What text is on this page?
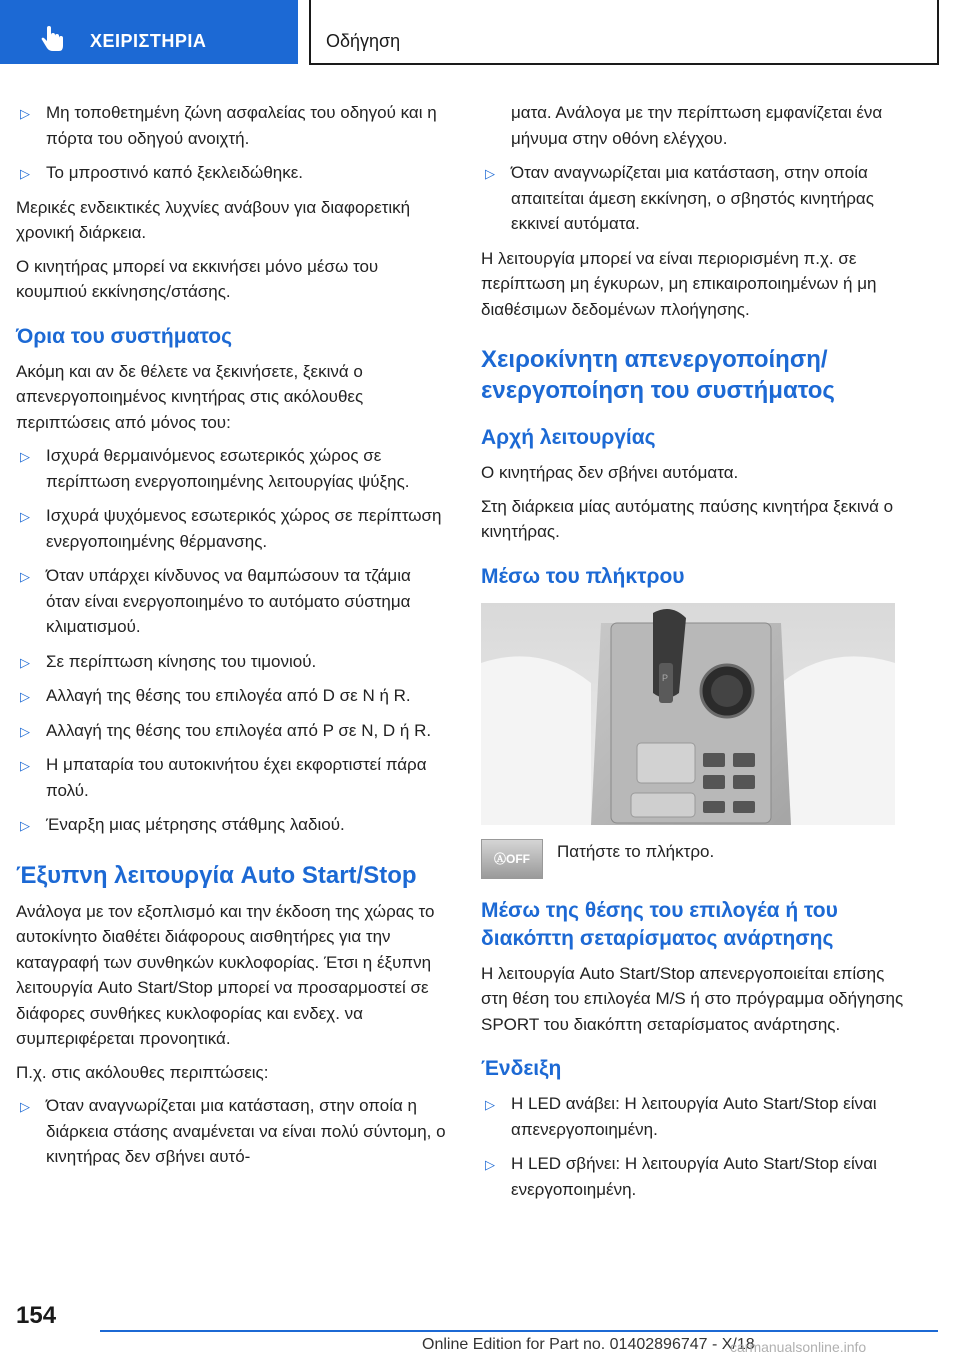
ΧΕΙΡΙΣΤΗΡΙΑ	Οδήγηση
▷ Μη τοποθετημένη ζώνη ασφαλείας του οδηγού και η πόρτα του οδηγού ανοιχτή.
▷ Το μπροστινό καπό ξεκλειδώθηκε.
Μερικές ενδεικτικές λυχνίες ανάβουν για διαφορετική χρονική διάρκεια.
Ο κινητήρας μπορεί να εκκινήσει μόνο μέσω του κουμπιού εκκίνησης/στάσης.
Όρια του συστήματος
Ακόμη και αν δε θέλετε να ξεκινήσετε, ξεκινά ο απενεργοποιημένος κινητήρας στις ακόλουθες περιπτώσεις από μόνος του:
▷ Ισχυρά θερμαινόμενος εσωτερικός χώρος σε περίπτωση ενεργοποιημένης λειτουργίας ψύξης.
▷ Ισχυρά ψυχόμενος εσωτερικός χώρος σε περίπτωση ενεργοποιημένης θέρμανσης.
▷ Όταν υπάρχει κίνδυνος να θαμπώσουν τα τζάμια όταν είναι ενεργοποιημένο το αυτόματο σύστημα κλιματισμού.
▷ Σε περίπτωση κίνησης του τιμονιού.
▷ Αλλαγή της θέσης του επιλογέα από D σε N ή R.
▷ Αλλαγή της θέσης του επιλογέα από P σε N, D ή R.
▷ Η μπαταρία του αυτοκινήτου έχει εκφορτιστεί πάρα πολύ.
▷ Έναρξη μιας μέτρησης στάθμης λαδιού.
Έξυπνη λειτουργία Auto Start/Stop
Ανάλογα με τον εξοπλισμό και την έκδοση της χώρας το αυτοκίνητο διαθέτει διάφορους αισθητήρες για την καταγραφή των συνθηκών κυκλοφορίας. Έτσι η έξυπνη λειτουργία Auto Start/Stop μπορεί να προσαρμοστεί σε διάφορες συνθήκες κυκλοφορίας και ενδεχ. να συμπεριφέρεται προνοητικά.
Π.χ. στις ακόλουθες περιπτώσεις:
▷ Όταν αναγνωρίζεται μια κατάσταση, στην οποία η διάρκεια στάσης αναμένεται να είναι πολύ σύντομη, ο κινητήρας δεν σβήνει αυτό-
ματα. Ανάλογα με την περίπτωση εμφανίζεται ένα μήνυμα στην οθόνη ελέγχου.
▷ Όταν αναγνωρίζεται μια κατάσταση, στην οποία απαιτείται άμεση εκκίνηση, ο σβηστός κινητήρας εκκινεί αυτόματα.
Η λειτουργία μπορεί να είναι περιορισμένη π.χ. σε περίπτωση μη έγκυρων, μη επικαιροποιημένων ή μη διαθέσιμων δεδομένων πλοήγησης.
Χειροκίνητη απενεργοποίηση/ ενεργοποίηση του συστήματος
Αρχή λειτουργίας
Ο κινητήρας δεν σβήνει αυτόματα.
Στη διάρκεια μίας αυτόματης παύσης κινητήρα ξεκινά ο κινητήρας.
Μέσω του πλήκτρου
P
ⒶOFF Πατήστε το πλήκτρο.
Μέσω της θέσης του επιλογέα ή του διακόπτη σεταρίσματος ανάρτησης
Η λειτουργία Auto Start/Stop απενεργοποιείται επίσης στη θέση του επιλογέα M/S ή στο πρόγραμμα οδήγησης SPORT του διακόπτη σεταρίσματος ανάρτησης.
Ένδειξη
▷ Η LED ανάβει: Η λειτουργία Auto Start/Stop είναι απενεργοποιημένη.
▷ Η LED σβήνει: Η λειτουργία Auto Start/Stop είναι ενεργοποιημένη.
154
Online Edition for Part no. 01402896747 - X/18
carmanualsonline.info
